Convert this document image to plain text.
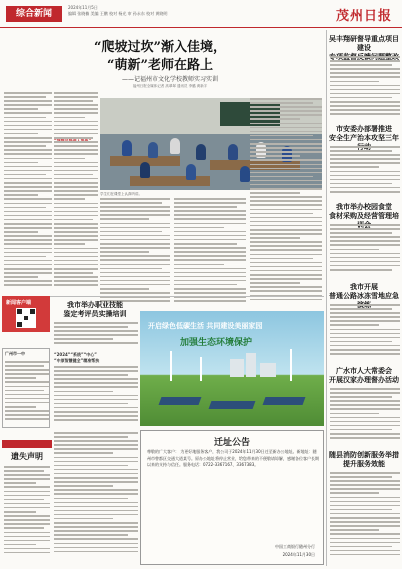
综合新闻
2024年11月5日
编辑 张晓楠 美编 王鹏 校对 杨光 审 孙永东 校对 黄晓明	茂州日报
“爬坡过坎”渐入佳境，
“萌新”老师在路上
——记福州市文化学校教师实习实训
福州日报全媒体记者 高翠翠 通讯员 李璐 黄新宇
学生们在课堂上认真听讲。
吴丰翔研督导重点项目建设
市安委办部署推进
安全生产治本攻坚三年
我市举办校园食堂
食材采购及经营管理培
我市开展
普通公路冰冻雪地应急
广水市人大常委会
开展汉家办理督办活动
随县消防创新服务举措
提升服务效能
新闻客户端	我市举办职业技能
鉴定考评员实操培训
广州市一中	“2024”“系统”“中心”
“中原智慧健全”精准帮扶
遗失声明
开启绿色低碳生活 共同建设美丽家园
加强生态环境保护
迁址公告
尊敬的广大客户： 为更好地服务客户，我公司于2024年11月30日迁至新办公地址。新地址：随州市曾都区交通大道某号。原办公地址将停止营业，给您带来的不便敬请谅解，感谢各位客户长期以来的支持与信任。服务电话：0722-3367167、3367383。
中国工商银行随州分行
2024年11月30日
